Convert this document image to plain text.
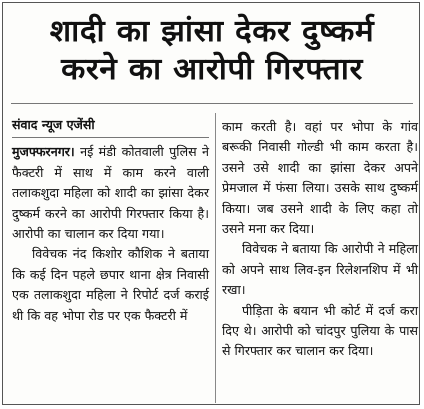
शादी का झांसा देकर दुष्कर्म
करने का आरोपी गिरफ्तार

संवाद न्यूज एजेंसी

मुजफ्फरनगर। नई मंडी कोतवाली पुलिस ने फैक्टरी में साथ में काम करने वाली तलाकशुदा महिला को शादी का झांसा देकर दुष्कर्म करने का आरोपी गिरफ्तार किया है। आरोपी का चालान कर दिया गया।

विवेचक नंद किशोर कौशिक ने बताया कि कई दिन पहले छपार थाना क्षेत्र निवासी एक तलाकशुदा महिला ने रिपोर्ट दर्ज कराई थी कि वह भोपा रोड पर एक फैक्टरी में

काम करती है। वहां पर भोपा के गांव बरूकी निवासी गोल्डी भी काम करता है। उसने उसे शादी का झांसा देकर अपने प्रेमजाल में फंसा लिया। उसके साथ दुष्कर्म किया। जब उसने शादी के लिए कहा तो उसने मना कर दिया।

विवेचक ने बताया कि आरोपी ने महिला को अपने साथ लिव-इन रिलेशनशिप में भी रखा।

पीड़िता के बयान भी कोर्ट में दर्ज करा दिए थे। आरोपी को चांदपुर पुलिया के पास से गिरफ्तार कर चालान कर दिया।
